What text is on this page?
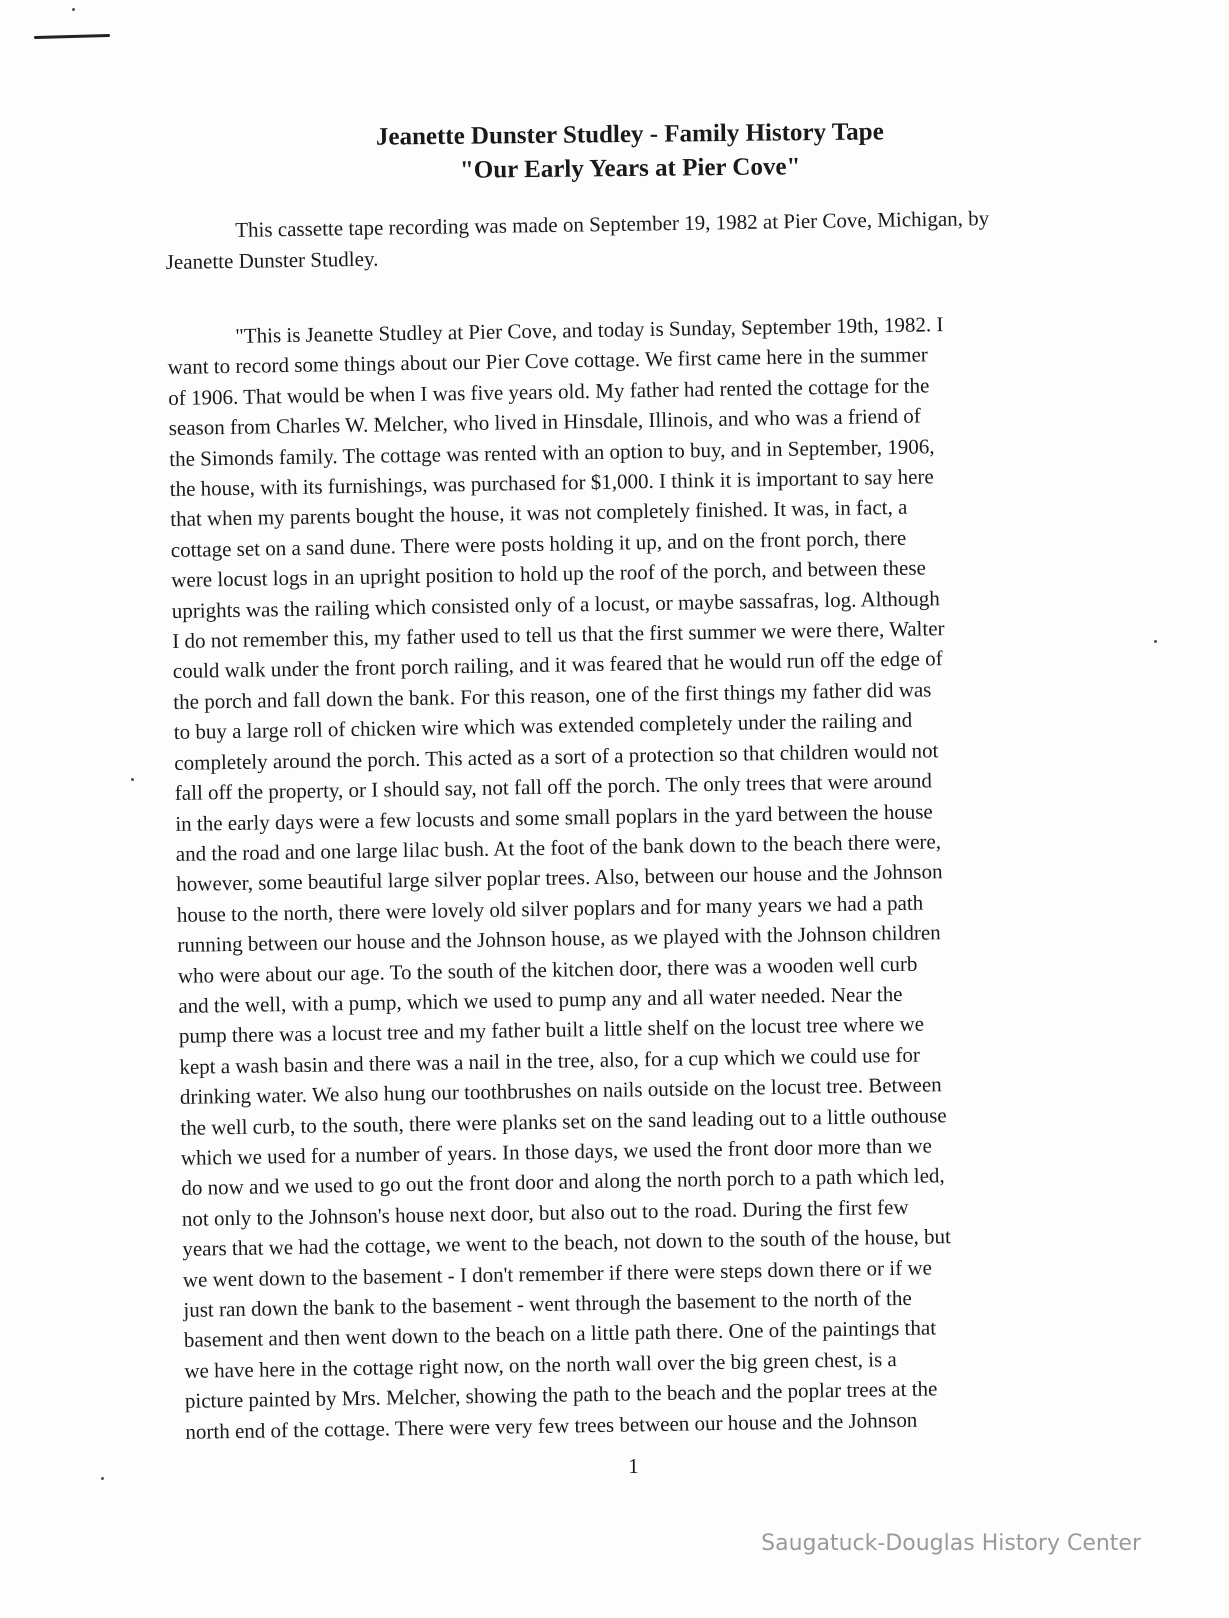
Jeanette Dunster Studley - Family History Tape
"Our Early Years at Pier Cove"

This cassette tape recording was made on September 19, 1982 at Pier Cove, Michigan, by Jeanette Dunster Studley.

"This is Jeanette Studley at Pier Cove, and today is Sunday, September 19th, 1982. I
want to record some things about our Pier Cove cottage. We first came here in the summer
of 1906. That would be when I was five years old. My father had rented the cottage for the
season from Charles W. Melcher, who lived in Hinsdale, Illinois, and who was a friend of
the Simonds family. The cottage was rented with an option to buy, and in September, 1906,
the house, with its furnishings, was purchased for $1,000. I think it is important to say here
that when my parents bought the house, it was not completely finished. It was, in fact, a
cottage set on a sand dune. There were posts holding it up, and on the front porch, there
were locust logs in an upright position to hold up the roof of the porch, and between these
uprights was the railing which consisted only of a locust, or maybe sassafras, log. Although
I do not remember this, my father used to tell us that the first summer we were there, Walter
could walk under the front porch railing, and it was feared that he would run off the edge of
the porch and fall down the bank. For this reason, one of the first things my father did was
to buy a large roll of chicken wire which was extended completely under the railing and
completely around the porch. This acted as a sort of a protection so that children would not
fall off the property, or I should say, not fall off the porch. The only trees that were around
in the early days were a few locusts and some small poplars in the yard between the house
and the road and one large lilac bush. At the foot of the bank down to the beach there were,
however, some beautiful large silver poplar trees. Also, between our house and the Johnson
house to the north, there were lovely old silver poplars and for many years we had a path
running between our house and the Johnson house, as we played with the Johnson children
who were about our age. To the south of the kitchen door, there was a wooden well curb
and the well, with a pump, which we used to pump any and all water needed. Near the
pump there was a locust tree and my father built a little shelf on the locust tree where we
kept a wash basin and there was a nail in the tree, also, for a cup which we could use for
drinking water. We also hung our toothbrushes on nails outside on the locust tree. Between
the well curb, to the south, there were planks set on the sand leading out to a little outhouse
which we used for a number of years. In those days, we used the front door more than we
do now and we used to go out the front door and along the north porch to a path which led,
not only to the Johnson's house next door, but also out to the road. During the first few
years that we had the cottage, we went to the beach, not down to the south of the house, but
we went down to the basement - I don't remember if there were steps down there or if we
just ran down the bank to the basement - went through the basement to the north of the
basement and then went down to the beach on a little path there. One of the paintings that
we have here in the cottage right now, on the north wall over the big green chest, is a
picture painted by Mrs. Melcher, showing the path to the beach and the poplar trees at the
north end of the cottage. There were very few trees between our house and the Johnson
1
Saugatuck-Douglas History Center
